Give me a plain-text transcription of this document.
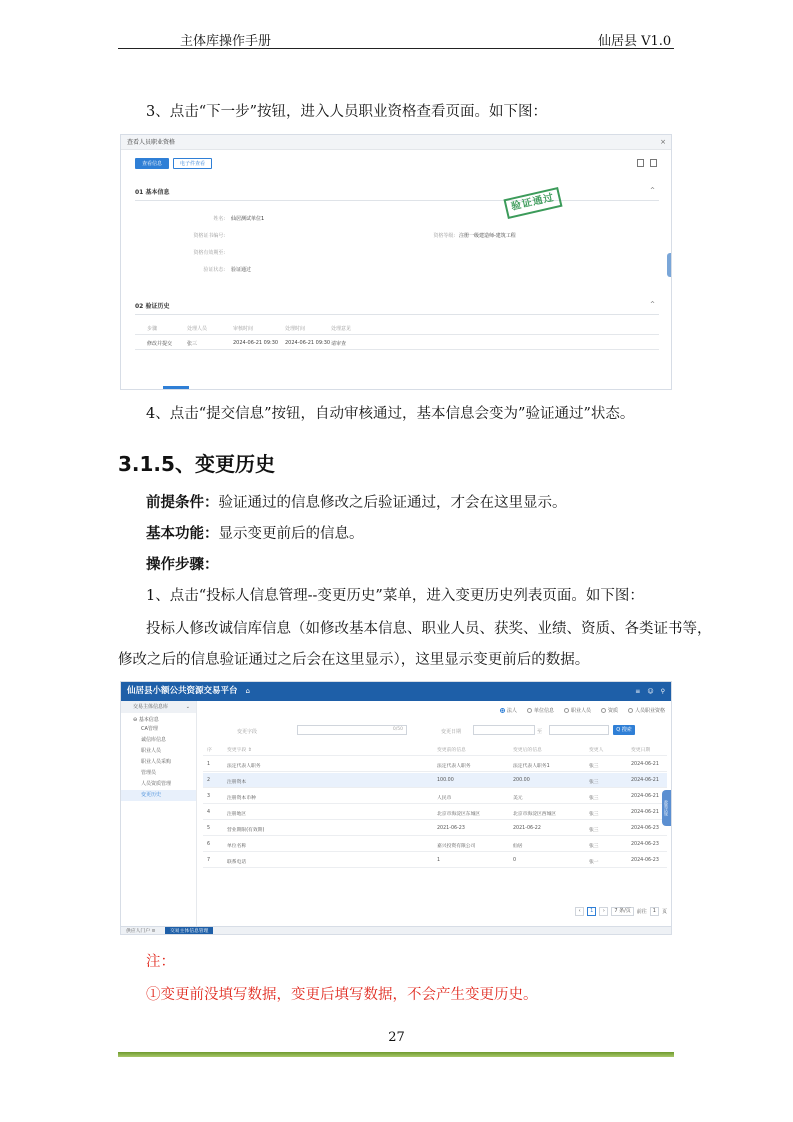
主体库操作手册	仙居县 V1.0
3、点击“下一步”按钮，进入人员职业资格查看页面。如下图：
查看人员职业资格	×
查看信息	电子件查看
01 基本信息	^
姓名: 仙居测试单位1
资格证书编号:
资格有效期至:
验证状态: 验证通过
资格等级: 注册一级建造师-建筑工程
验证通过
02 验证历史	^
步骤	处理人员	审核时间	处理时间	处理意见
修改并提交	张三	2024-06-21 09:30 2024-06-21 09:30 请审查
4、点击“提交信息”按钮，自动审核通过，基本信息会变为”验证通过”状态。
3.1.5、变更历史
前提条件：验证通过的信息修改之后验证通过，才会在这里显示。
基本功能：显示变更前后的信息。
操作步骤：
1、点击“投标人信息管理--变更历史”菜单，进入变更历史列表页面。如下图：
投标人修改诚信库信息（如修改基本信息、职业人员、获奖、业绩、资质、各类证书等，
修改之后的信息验证通过之后会在这里显示），这里显示变更前后的数据。
仙居县小额公共资源交易平台 ⌂	≡ ☺ ⚲
交易主体信息库	⌄
⊖ 基本信息
CA管理
诚信库信息
职业人员
职业人员采购
管理员
人员资质管理
变更历史
法人	单位信息	职业人员	资质	人员职业资格
变更字段	0/50	变更日期	至	Q 搜索
序	变更字段 ⇕	变更前的信息	变更后的信息	变更人	变更日期
1	法定代表人职务	法定代表人职务	法定代表人职务1	张三	2024-06-21
2	注册资本	100.00	200.00	张三	2024-06-21
3	注册资本币种	人民币	美元	张三	2024-06-21
4	注册地区	北京市海淀区东城区	北京市海淀区西城区	张三	2024-06-21
5	营业期限(有效期)	2021-06-23	2021-06-22	张三	2024-06-23
6	单位名称	嘉兴投资有限公司	仙居	张三	2024-06-23
7	联系电话	1	0	张一	2024-06-23
‹	1	›	7 条/页	前往	1	页
政策法规
供应人门户 ⊙	交易主体信息管理
注：
①变更前没填写数据，变更后填写数据，不会产生变更历史。
27
